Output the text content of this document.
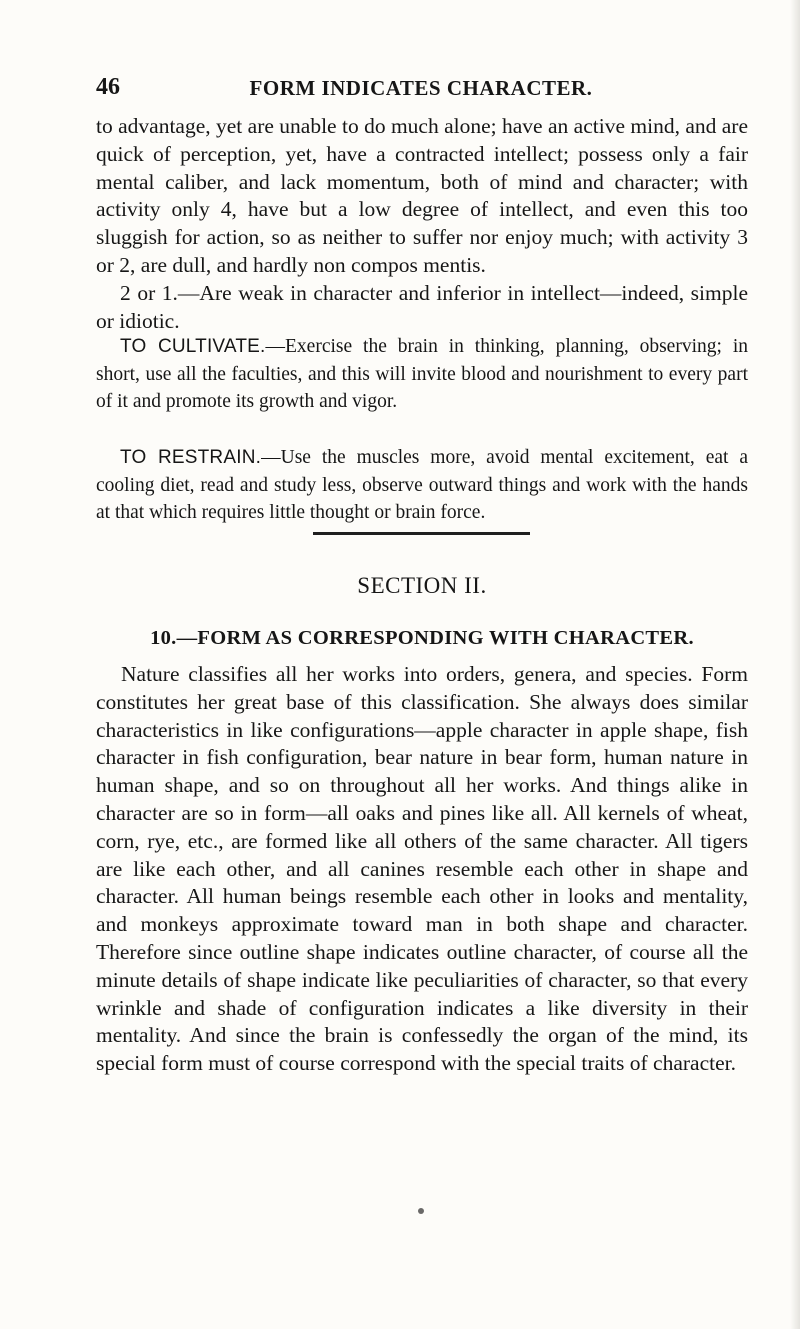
46	FORM INDICATES CHARACTER.

to advantage, yet are unable to do much alone; have an active mind, and are quick of perception, yet, have a contracted intellect; possess only a fair mental caliber, and lack momentum, both of mind and character; with activity only 4, have but a low degree of intellect, and even this too sluggish for action, so as neither to suffer nor enjoy much; with activity 3 or 2, are dull, and hardly non compos mentis.
2 or 1.—Are weak in character and inferior in intellect—indeed, simple or idiotic.

TO CULTIVATE.—Exercise the brain in thinking, planning, observing; in short, use all the faculties, and this will invite blood and nourishment to every part of it and promote its growth and vigor.

TO RESTRAIN.—Use the muscles more, avoid mental excitement, eat a cooling diet, read and study less, observe outward things and work with the hands at that which requires little thought or brain force.

SECTION II.
10.—FORM AS CORRESPONDING WITH CHARACTER.

Nature classifies all her works into orders, genera, and species. Form constitutes her great base of this classification. She always does similar characteristics in like configurations—apple character in apple shape, fish character in fish configuration, bear nature in bear form, human nature in human shape, and so on throughout all her works. And things alike in character are so in form—all oaks and pines like all. All kernels of wheat, corn, rye, etc., are formed like all others of the same character. All tigers are like each other, and all canines resemble each other in shape and character. All human beings resemble each other in looks and mentality, and monkeys approximate toward man in both shape and character. Therefore since outline shape indicates outline character, of course all the minute details of shape indicate like peculiarities of character, so that every wrinkle and shade of configuration indicates a like diversity in their mentality. And since the brain is confessedly the organ of the mind, its special form must of course correspond with the special traits of character.
